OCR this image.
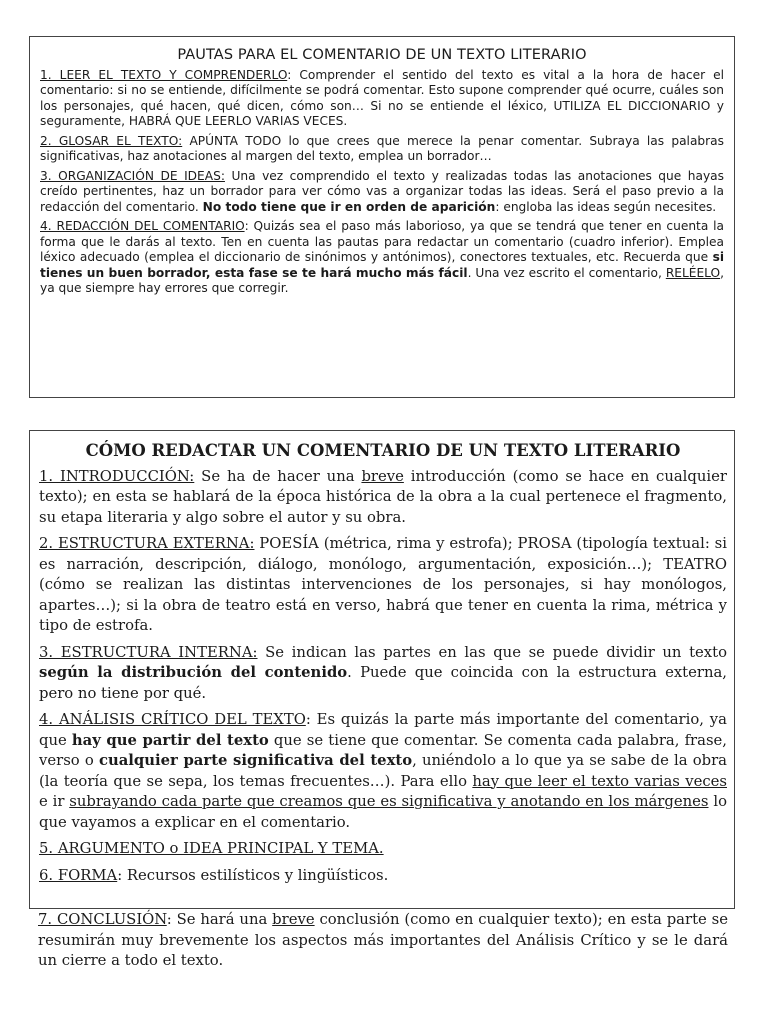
PAUTAS PARA EL COMENTARIO DE UN TEXTO LITERARIO

1. LEER EL TEXTO Y COMPRENDERLO: Comprender el sentido del texto es vital a la hora de hacer el comentario: si no se entiende, difícilmente se podrá comentar. Esto supone comprender qué ocurre, cuáles son los personajes, qué hacen, qué dicen, cómo son… Si no se entiende el léxico, UTILIZA EL DICCIONARIO y seguramente, HABRÁ QUE LEERLO VARIAS VECES.

2. GLOSAR EL TEXTO: APÚNTA TODO lo que crees que merece la penar comentar. Subraya las palabras significativas, haz anotaciones al margen del texto, emplea un borrador…

3. ORGANIZACIÓN DE IDEAS: Una vez comprendido el texto y realizadas todas las anotaciones que hayas creído pertinentes, haz un borrador para ver cómo vas a organizar todas las ideas. Será el paso previo a la redacción del comentario. No todo tiene que ir en orden de aparición: engloba las ideas según necesites.

4. REDACCIÓN DEL COMENTARIO: Quizás sea el paso más laborioso, ya que se tendrá que tener en cuenta la forma que le darás al texto. Ten en cuenta las pautas para redactar un comentario (cuadro inferior). Emplea léxico adecuado (emplea el diccionario de sinónimos y antónimos), conectores textuales, etc. Recuerda que si tienes un buen borrador, esta fase se te hará mucho más fácil. Una vez escrito el comentario, RELÉELO, ya que siempre hay errores que corregir.

CÓMO REDACTAR UN COMENTARIO DE UN TEXTO LITERARIO

1. INTRODUCCIÓN: Se ha de hacer una breve introducción (como se hace en cualquier texto); en esta se hablará de la época histórica de la obra a la cual pertenece el fragmento, su etapa literaria y algo sobre el autor y su obra.

2. ESTRUCTURA EXTERNA: POESÍA (métrica, rima y estrofa); PROSA (tipología textual: si es narración, descripción, diálogo, monólogo, argumentación, exposición…); TEATRO (cómo se realizan las distintas intervenciones de los personajes, si hay monólogos, apartes…); si la obra de teatro está en verso, habrá que tener en cuenta la rima, métrica y tipo de estrofa.

3. ESTRUCTURA INTERNA: Se indican las partes en las que se puede dividir un texto según la distribución del contenido. Puede que coincida con la estructura externa, pero no tiene por qué.

4. ANÁLISIS CRÍTICO DEL TEXTO: Es quizás la parte más importante del comentario, ya que hay que partir del texto que se tiene que comentar. Se comenta cada palabra, frase, verso o cualquier parte significativa del texto, uniéndolo a lo que ya se sabe de la obra (la teoría que se sepa, los temas frecuentes…). Para ello hay que leer el texto varias veces e ir subrayando cada parte que creamos que es significativa y anotando en los márgenes lo que vayamos a explicar en el comentario.

5. ARGUMENTO o IDEA PRINCIPAL Y TEMA.

6. FORMA: Recursos estilísticos y lingüísticos.

7. CONCLUSIÓN: Se hará una breve conclusión (como en cualquier texto); en esta parte se resumirán muy brevemente los aspectos más importantes del Análisis Crítico y se le dará un cierre a todo el texto.
